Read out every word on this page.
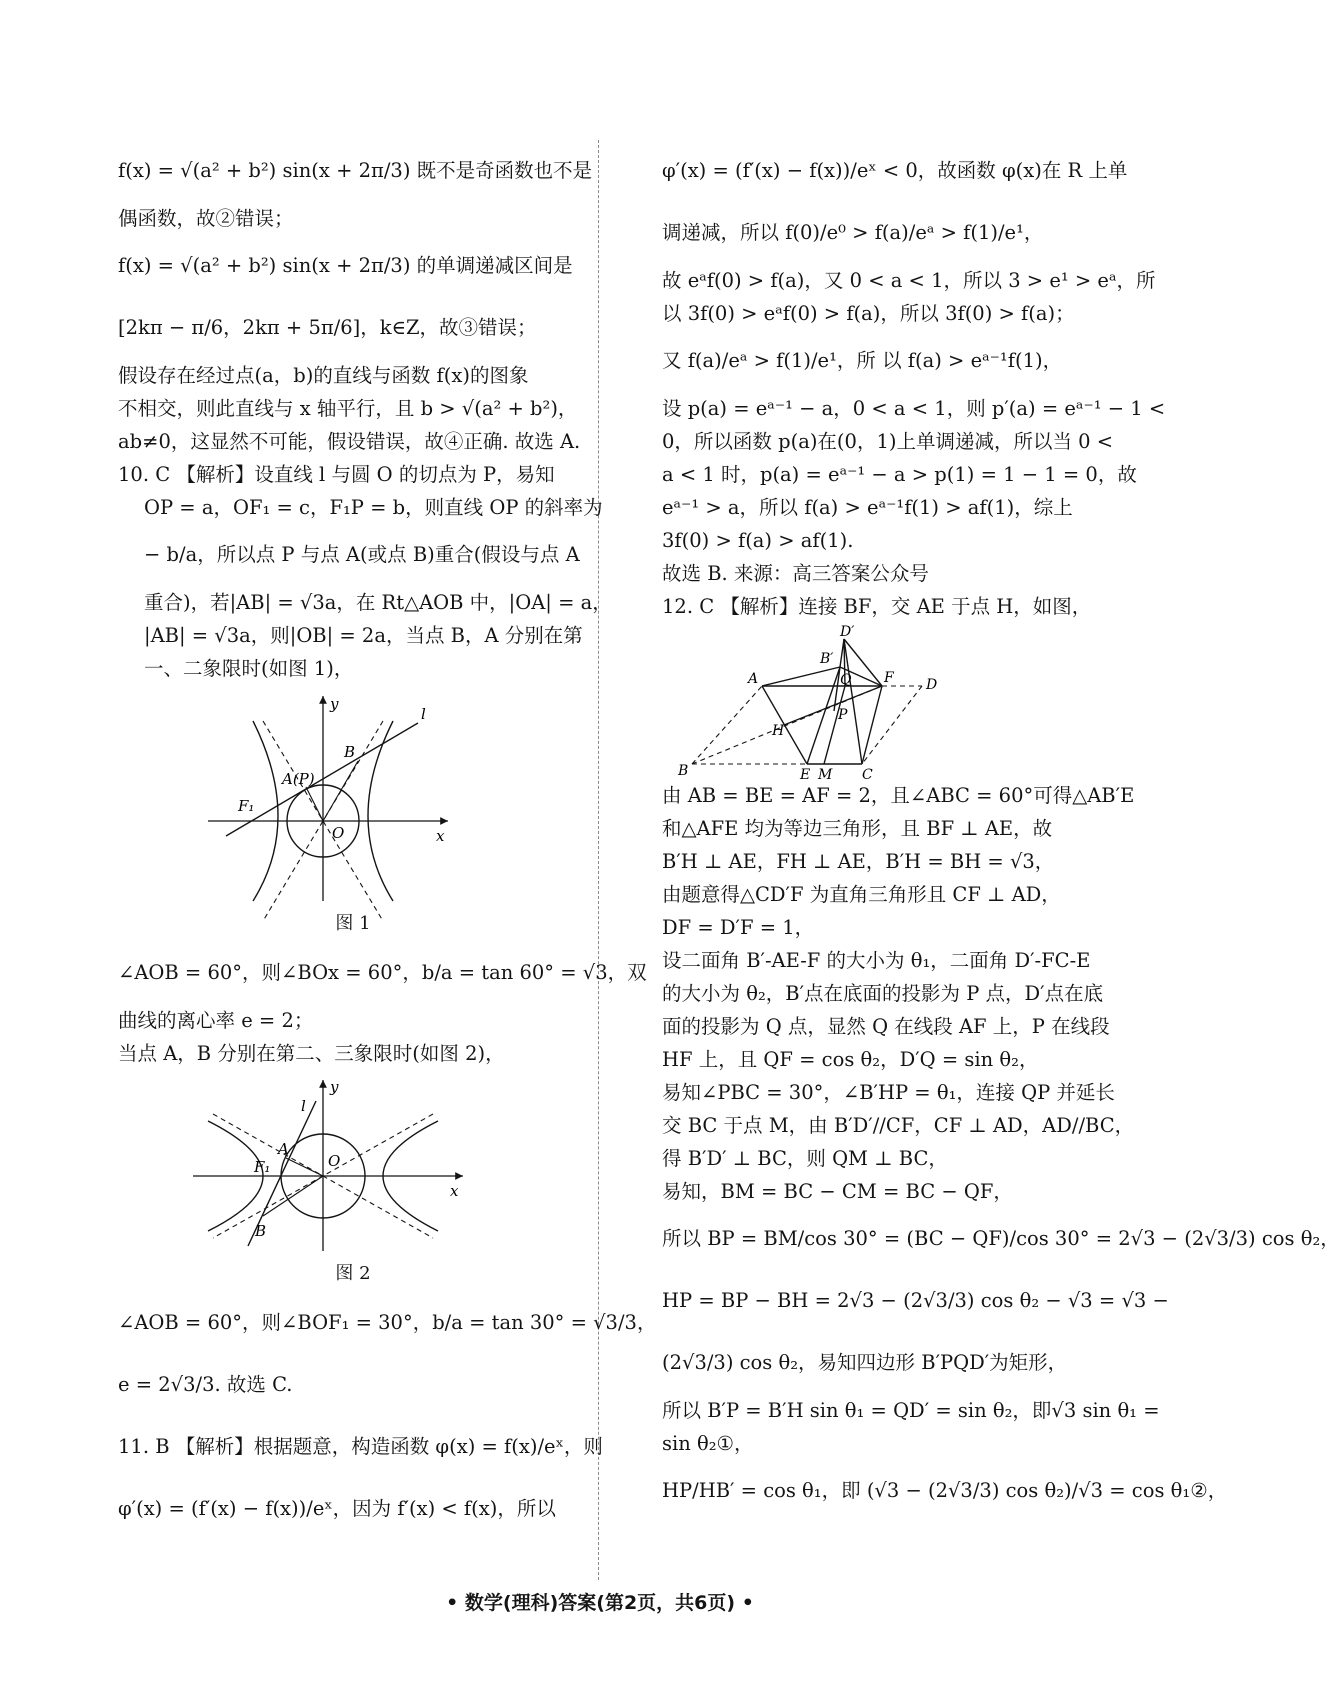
f(x) = √(a² + b²) sin(x + 2π/3) 既不是奇函数也不是
偶函数，故②错误；
f(x) = √(a² + b²) sin(x + 2π/3) 的单调递减区间是
[2kπ − π/6，2kπ + 5π/6]，k∈Z，故③错误；
假设存在经过点(a，b)的直线与函数 f(x)的图象
不相交，则此直线与 x 轴平行，且 b > √(a² + b²)，
ab≠0，这显然不可能，假设错误，故④正确. 故选 A.
10. C 【解析】设直线 l 与圆 O 的切点为 P，易知
OP = a，OF₁ = c，F₁P = b，则直线 OP 的斜率为
− b/a，所以点 P 与点 A(或点 B)重合(假设与点 A
重合)，若|AB| = √3a，在 Rt△AOB 中，|OA| = a，
|AB| = √3a，则|OB| = 2a，当点 B，A 分别在第
一、二象限时(如图 1)，
y
x
l
B
A(P)
F₁
O
图 1
∠AOB = 60°，则∠BOx = 60°，b/a = tan 60° = √3，双
曲线的离心率 e = 2；
当点 A，B 分别在第二、三象限时(如图 2)，
y
x
l
A
F₁	O
B
图 2
∠AOB = 60°，则∠BOF₁ = 30°，b/a = tan 30° = √3/3，
e = 2√3/3. 故选 C.
11. B 【解析】根据题意，构造函数 φ(x) = f(x)/eˣ，则
φ′(x) = (f′(x) − f(x))/eˣ，因为 f′(x) < f(x)，所以
φ′(x) = (f′(x) − f(x))/eˣ < 0，故函数 φ(x)在 R 上单
调递减，所以 f(0)/e⁰ > f(a)/eᵃ > f(1)/e¹，
故 eᵃf(0) > f(a)，又 0 < a < 1，所以 3 > e¹ > eᵃ，所
以 3f(0) > eᵃf(0) > f(a)，所以 3f(0) > f(a)；
又 f(a)/eᵃ > f(1)/e¹，所 以 f(a) > eᵃ⁻¹f(1)，
设 p(a) = eᵃ⁻¹ − a，0 < a < 1，则 p′(a) = eᵃ⁻¹ − 1 <
0，所以函数 p(a)在(0，1)上单调递减，所以当 0 <
a < 1 时，p(a) = eᵃ⁻¹ − a > p(1) = 1 − 1 = 0，故
eᵃ⁻¹ > a，所以 f(a) > eᵃ⁻¹f(1) > af(1)，综上
3f(0) > f(a) > af(1).
故选 B. 来源：高三答案公众号
12. C 【解析】连接 BF，交 AE 于点 H，如图，
D′
B′
A	Q F D
P
H
B	E M C
由 AB = BE = AF = 2，且∠ABC = 60°可得△AB′E
和△AFE 均为等边三角形，且 BF ⊥ AE，故
B′H ⊥ AE，FH ⊥ AE，B′H = BH = √3，
由题意得△CD′F 为直角三角形且 CF ⊥ AD，
DF = D′F = 1，
设二面角 B′-AE-F 的大小为 θ₁，二面角 D′-FC-E
的大小为 θ₂，B′点在底面的投影为 P 点，D′点在底
面的投影为 Q 点，显然 Q 在线段 AF 上，P 在线段
HF 上，且 QF = cos θ₂，D′Q = sin θ₂，
易知∠PBC = 30°，∠B′HP = θ₁，连接 QP 并延长
交 BC 于点 M，由 B′D′//CF，CF ⊥ AD，AD//BC，
得 B′D′ ⊥ BC，则 QM ⊥ BC，
易知，BM = BC − CM = BC − QF，
所以 BP = BM/cos 30° = (BC − QF)/cos 30° = 2√3 − (2√3/3) cos θ₂，
HP = BP − BH = 2√3 − (2√3/3) cos θ₂ − √3 = √3 −
(2√3/3) cos θ₂，易知四边形 B′PQD′为矩形，
所以 B′P = B′H sin θ₁ = QD′ = sin θ₂，即√3 sin θ₁ =
sin θ₂①，
HP/HB′ = cos θ₁，即 (√3 − (2√3/3) cos θ₂)/√3 = cos θ₁②，
• 数学(理科)答案(第2页，共6页) •
